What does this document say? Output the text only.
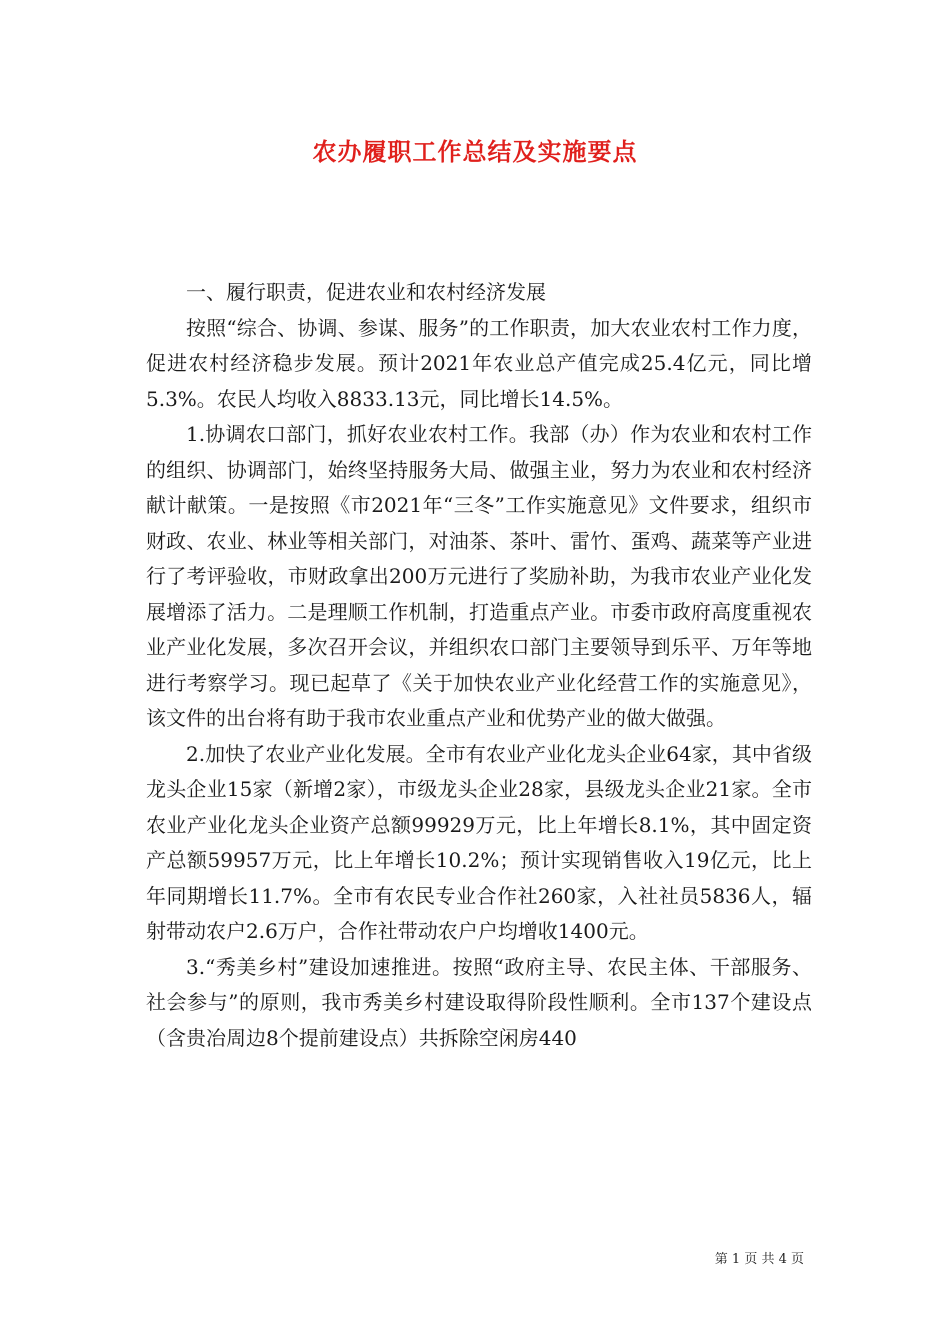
农办履职工作总结及实施要点

一、履行职责，促进农业和农村经济发展

按照“综合、协调、参谋、服务”的工作职责，加大农业农村工作力度，促进农村经济稳步发展。预计2021年农业总产值完成25.4亿元，同比增5.3%。农民人均收入8833.13元，同比增长14.5%。

1.协调农口部门，抓好农业农村工作。我部（办）作为农业和农村工作的组织、协调部门，始终坚持服务大局、做强主业，努力为农业和农村经济献计献策。一是按照《市2021年“三冬”工作实施意见》文件要求，组织市财政、农业、林业等相关部门，对油茶、茶叶、雷竹、蛋鸡、蔬菜等产业进行了考评验收，市财政拿出200万元进行了奖励补助，为我市农业产业化发展增添了活力。二是理顺工作机制，打造重点产业。市委市政府高度重视农业产业化发展，多次召开会议，并组织农口部门主要领导到乐平、万年等地进行考察学习。现已起草了《关于加快农业产业化经营工作的实施意见》，该文件的出台将有助于我市农业重点产业和优势产业的做大做强。

2.加快了农业产业化发展。全市有农业产业化龙头企业64家，其中省级龙头企业15家（新增2家），市级龙头企业28家，县级龙头企业21家。全市农业产业化龙头企业资产总额99929万元，比上年增长8.1%，其中固定资产总额59957万元，比上年增长10.2%；预计实现销售收入19亿元，比上年同期增长11.7%。全市有农民专业合作社260家，入社社员5836人，辐射带动农户2.6万户，合作社带动农户户均增收1400元。

3.“秀美乡村”建设加速推进。按照“政府主导、农民主体、干部服务、社会参与”的原则，我市秀美乡村建设取得阶段性顺利。全市137个建设点（含贵冶周边8个提前建设点）共拆除空闲房440

第 1 页 共 4 页
